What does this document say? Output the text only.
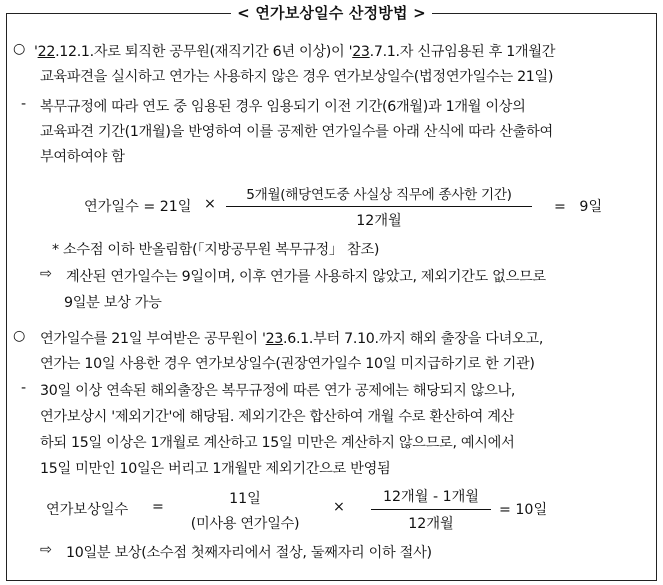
< 연가보상일수 산정방법 >
○ '22.12.1.자로 퇴직한 공무원(재직기간 6년 이상)이 '23.7.1.자 신규임용된 후 1개월간
교육파견을 실시하고 연가는 사용하지 않은 경우 연가보상일수(법정연가일수는 21일)
- 복무규정에 따라 연도 중 임용된 경우 임용되기 이전 기간(6개월)과 1개월 이상의
교육파견 기간(1개월)을 반영하여 이를 공제한 연가일수를 아래 산식에 따라 산출하여
부여하여야 함
연가일수 = 21일 ×
5개월(해당연도중 사실상 직무에 종사한 기간)
12개월
=   9일
* 소수점 이하 반올림함(「지방공무원 복무규정」 참조)
⇨ 계산된 연가일수는 9일이며, 이후 연가를 사용하지 않았고, 제외기간도 없으므로
9일분 보상 가능
○ 연가일수를 21일 부여받은 공무원이 '23.6.1.부터 7.10.까지 해외 출장을 다녀오고,
연가는 10일 사용한 경우 연가보상일수(권장연가일수 10일 미지급하기로 한 기관)
- 30일 이상 연속된 해외출장은 복무규정에 따른 연가 공제에는 해당되지 않으나,
연가보상시 '제외기간'에 해당됨. 제외기간은 합산하여 개월 수로 환산하여 계산
하되 15일 이상은 1개월로 계산하고 15일 미만은 계산하지 않으므로, 예시에서
15일 미만인 10일은 버리고 1개월만 제외기간으로 반영됨
연가보상일수 =	11일
(미사용 연가일수)
×
12개월 - 1개월
12개월
= 10일
⇨ 10일분 보상(소수점 첫째자리에서 절상, 둘째자리 이하 절사)
